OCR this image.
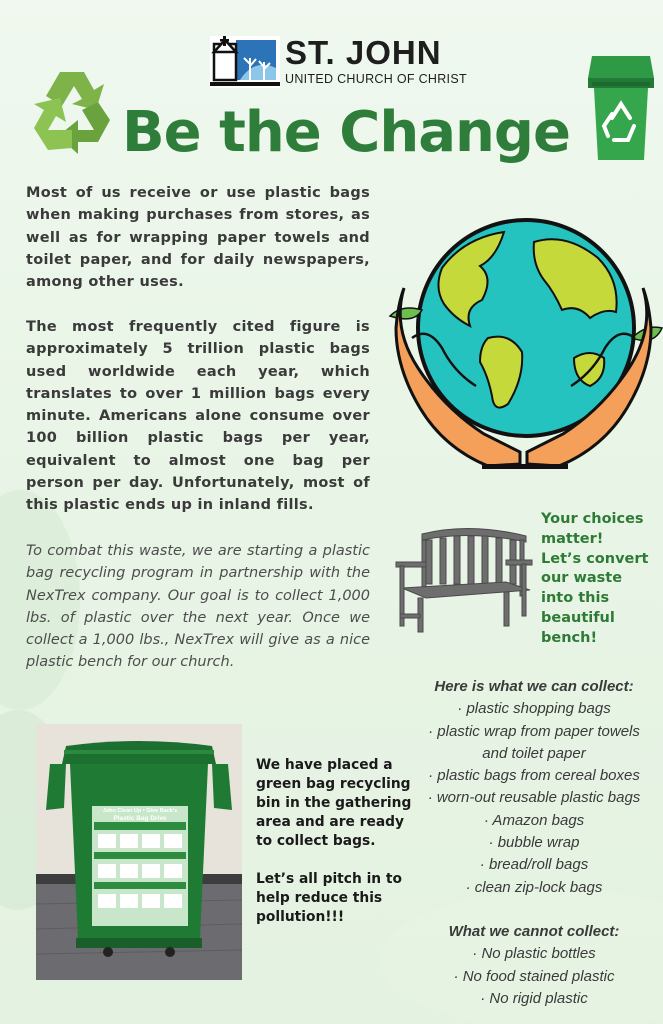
ST. JOHN
UNITED CHURCH OF CHRIST
Be the Change

Most of us receive or use plastic bags when making purchases from stores, as well as for wrapping paper towels and toilet paper, and for daily newspapers, among other uses.

The most frequently cited figure is approximately 5 trillion plastic bags used worldwide each year, which translates to over 1 million bags every minute. Americans alone consume over 100 billion plastic bags per year, equivalent to almost one bag per person per day. Unfortunately, most of this plastic ends up in inland fills.

To combat this waste, we are starting a plastic bag recycling program in partnership with the NexTrex company. Our goal is to collect 1,000 lbs. of plastic over the next year. Once we collect a 1,000 lbs., NexTrex will give as a nice plastic bench for our church.

Your choices
matter!
Let’s convert
our waste
into this
beautiful
bench!
Here is what we can collect:
· plastic shopping bags
· plastic wrap from paper towels
and toilet paper
· plastic bags from cereal boxes
· worn-out reusable plastic bags
· Amazon bags
· bubble wrap
· bread/roll bags
· clean zip-lock bags
What we cannot collect:
· No plastic bottles
· No food stained plastic
· No rigid plastic
John Clean Up • Give Back's
Plastic Bag Drive

We have placed a green bag recycling bin in the gathering area and are ready to collect bags.

Let’s all pitch in to help reduce this pollution!!!
